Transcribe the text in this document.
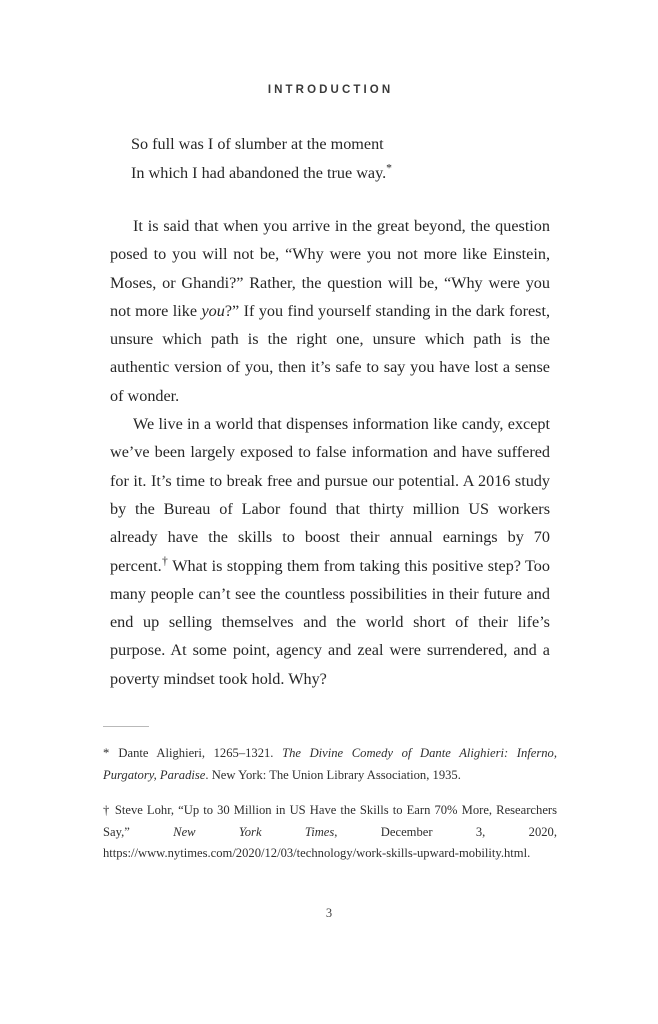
INTRODUCTION
So full was I of slumber at the moment
In which I had abandoned the true way.*

It is said that when you arrive in the great beyond, the question posed to you will not be, “Why were you not more like Einstein, Moses, or Ghandi?” Rather, the question will be, “Why were you not more like you?” If you find yourself standing in the dark forest, unsure which path is the right one, unsure which path is the authentic version of you, then it’s safe to say you have lost a sense of wonder.

We live in a world that dispenses information like candy, except we’ve been largely exposed to false information and have suffered for it. It’s time to break free and pursue our potential. A 2016 study by the Bureau of Labor found that thirty million US workers already have the skills to boost their annual earnings by 70 percent.† What is stopping them from taking this positive step? Too many people can’t see the countless possibilities in their future and end up selling themselves and the world short of their life’s purpose. At some point, agency and zeal were surrendered, and a poverty mindset took hold. Why?

* Dante Alighieri, 1265–1321. The Divine Comedy of Dante Alighieri: Inferno, Purgatory, Paradise. New York: The Union Library Association, 1935.

† Steve Lohr, “Up to 30 Million in US Have the Skills to Earn 70% More, Researchers Say,” New York Times, December 3, 2020, https://www.nytimes.com/2020/12/03/technology/work-skills-upward-mobility.html.

3
